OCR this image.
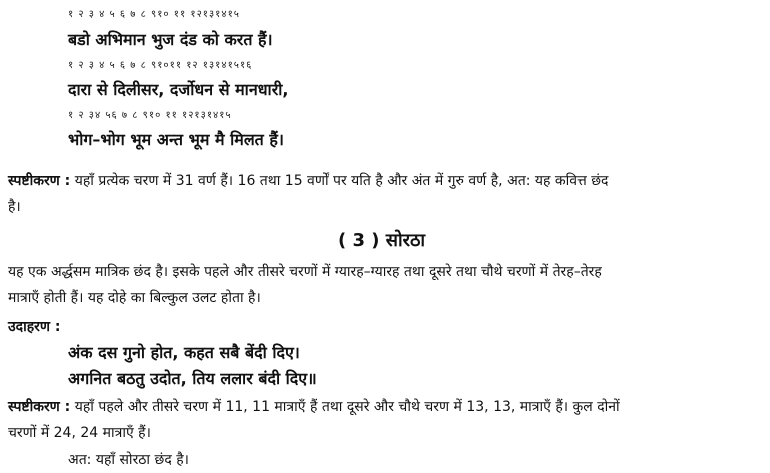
१ २ ३ ४ ५ ६ ७ ८ ९१० ११ १२१३१४१५
बडो अभिमान भुज दंड को करत हैं।
१ २ ३ ४ ५ ६ ७ ८ ९१०११ १२ १३१४१५१६
दारा से दिलीसर, दर्जोधन से मानधारी,
१ २ ३४ ५६ ७ ८ ९१० ११ १२१३१४१५
भोग–भोग भूम अन्त भूम मै मिलत हैं।
स्पष्टीकरण : यहाँ प्रत्येक चरण में 31 वर्ण हैं। 16 तथा 15 वर्णों पर यति है और अंत में गुरु वर्ण है, अत: यह कवित्त छंद
है।
( 3 ) सोरठा
यह एक अर्द्धसम मात्रिक छंद है। इसके पहले और तीसरे चरणों में ग्यारह–ग्यारह तथा दूसरे तथा चौथे चरणों में तेरह–तेरह
मात्राएँ होती हैं। यह दोहे का बिल्कुल उलट होता है।
उदाहरण :
अंक दस गुनो होत, कहत सबै बेंदी दिए।
अगनित बठतु उदोत, तिय ललार बंदी दिए॥
स्पष्टीकरण : यहाँ पहले और तीसरे चरण में 11, 11 मात्राएँ हैं तथा दूसरे और चौथे चरण में 13, 13, मात्राएँ हैं। कुल दोनों
चरणों में 24, 24 मात्राएँ हैं।
अत: यहाँ सोरठा छंद है।
